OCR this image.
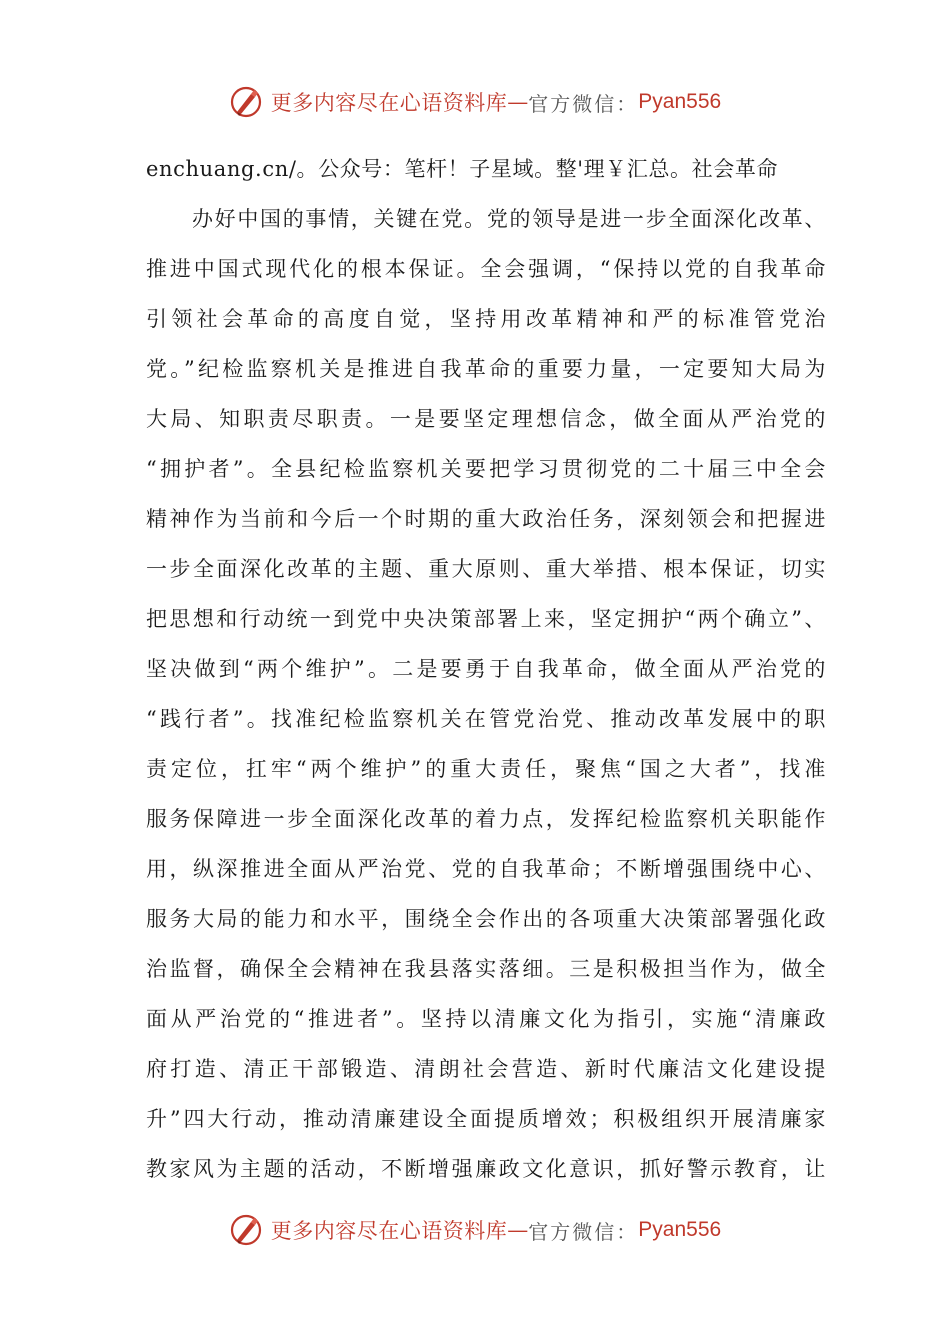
更多内容尽在心语资料库 — 官方微信： Pyan556
enchuang.cn/。公众号：笔杆！子星域。整'理￥汇总。社会革命
办好中国的事情，关键在党。党的领导是进一步全面深化改革、
推进中国式现代化的根本保证。全会强调，“保持以党的自我革命
引领社会革命的高度自觉，坚持用改革精神和严的标准管党治
党。”纪检监察机关是推进自我革命的重要力量，一定要知大局为
大局、知职责尽职责。一是要坚定理想信念，做全面从严治党的
“拥护者”。全县纪检监察机关要把学习贯彻党的二十届三中全会
精神作为当前和今后一个时期的重大政治任务，深刻领会和把握进
一步全面深化改革的主题、重大原则、重大举措、根本保证，切实
把思想和行动统一到党中央决策部署上来，坚定拥护“两个确立”、
坚决做到“两个维护”。二是要勇于自我革命，做全面从严治党的
“践行者”。找准纪检监察机关在管党治党、推动改革发展中的职
责定位，扛牢“两个维护”的重大责任，聚焦“国之大者”，找准
服务保障进一步全面深化改革的着力点，发挥纪检监察机关职能作
用，纵深推进全面从严治党、党的自我革命；不断增强围绕中心、
服务大局的能力和水平，围绕全会作出的各项重大决策部署强化政
治监督，确保全会精神在我县落实落细。三是积极担当作为，做全
面从严治党的“推进者”。坚持以清廉文化为指引，实施“清廉政
府打造、清正干部锻造、清朗社会营造、新时代廉洁文化建设提
升”四大行动，推动清廉建设全面提质增效；积极组织开展清廉家
教家风为主题的活动，不断增强廉政文化意识，抓好警示教育，让
更多内容尽在心语资料库 — 官方微信： Pyan556
